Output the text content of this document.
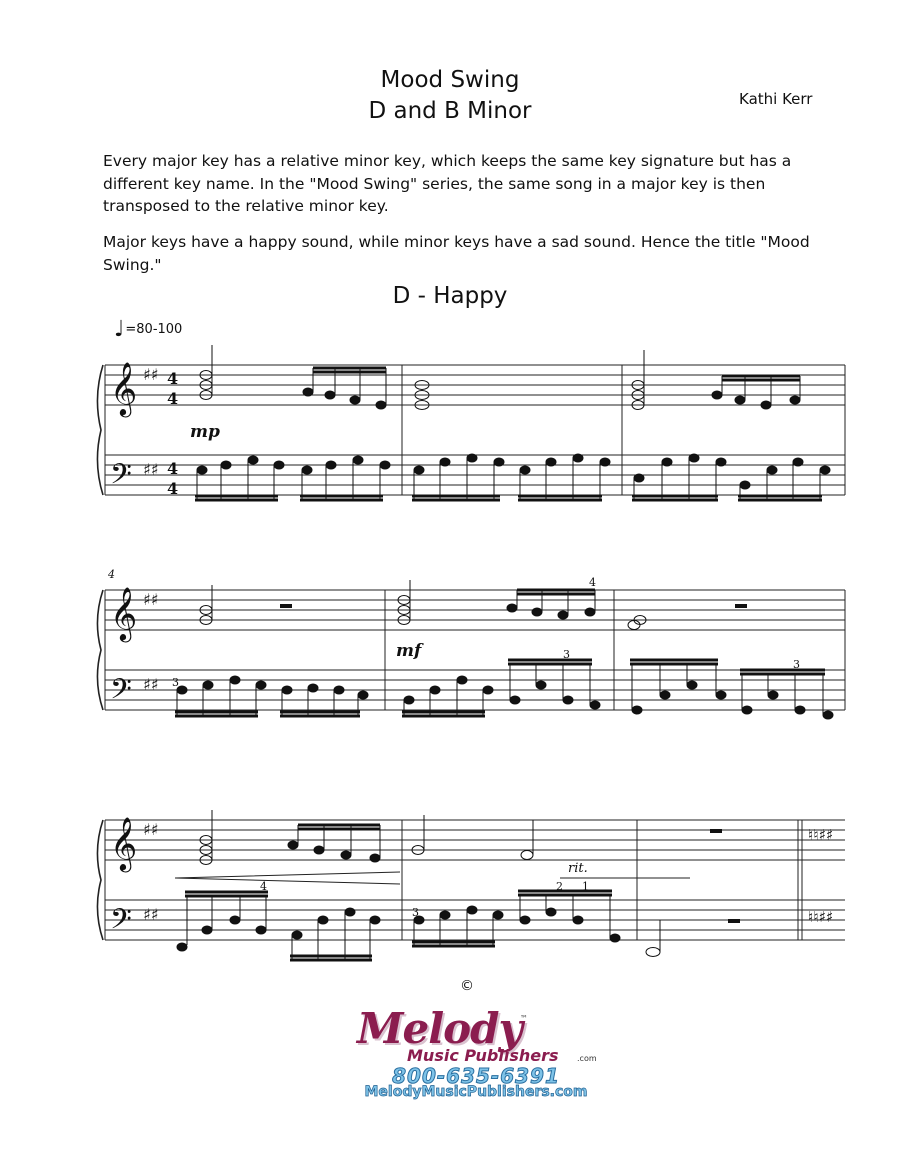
Mood Swing
D and B Minor	Kathi Kerr
Every major key has a relative minor key, which keeps the same key signature but has a different key name. In the "Mood Swing" series, the same song in a major key is then transposed to the relative minor key.
Major keys have a happy sound, while minor keys have a sad sound. Hence the title "Mood Swing."
D - Happy
♩ =80-100
𝄞
𝄢
♯♯
♯♯
𝄞
𝄢
♯♯
♯♯
𝄞
𝄢
♯♯
♯♯
♮♮♯♯
♮♮♯♯
4
4
4
4
mp
mf
4
4
3
3
3
4
3
2 1
rit.
©
Melody
™
Music Publishers .com
800-635-6391
MelodyMusicPublishers.com
